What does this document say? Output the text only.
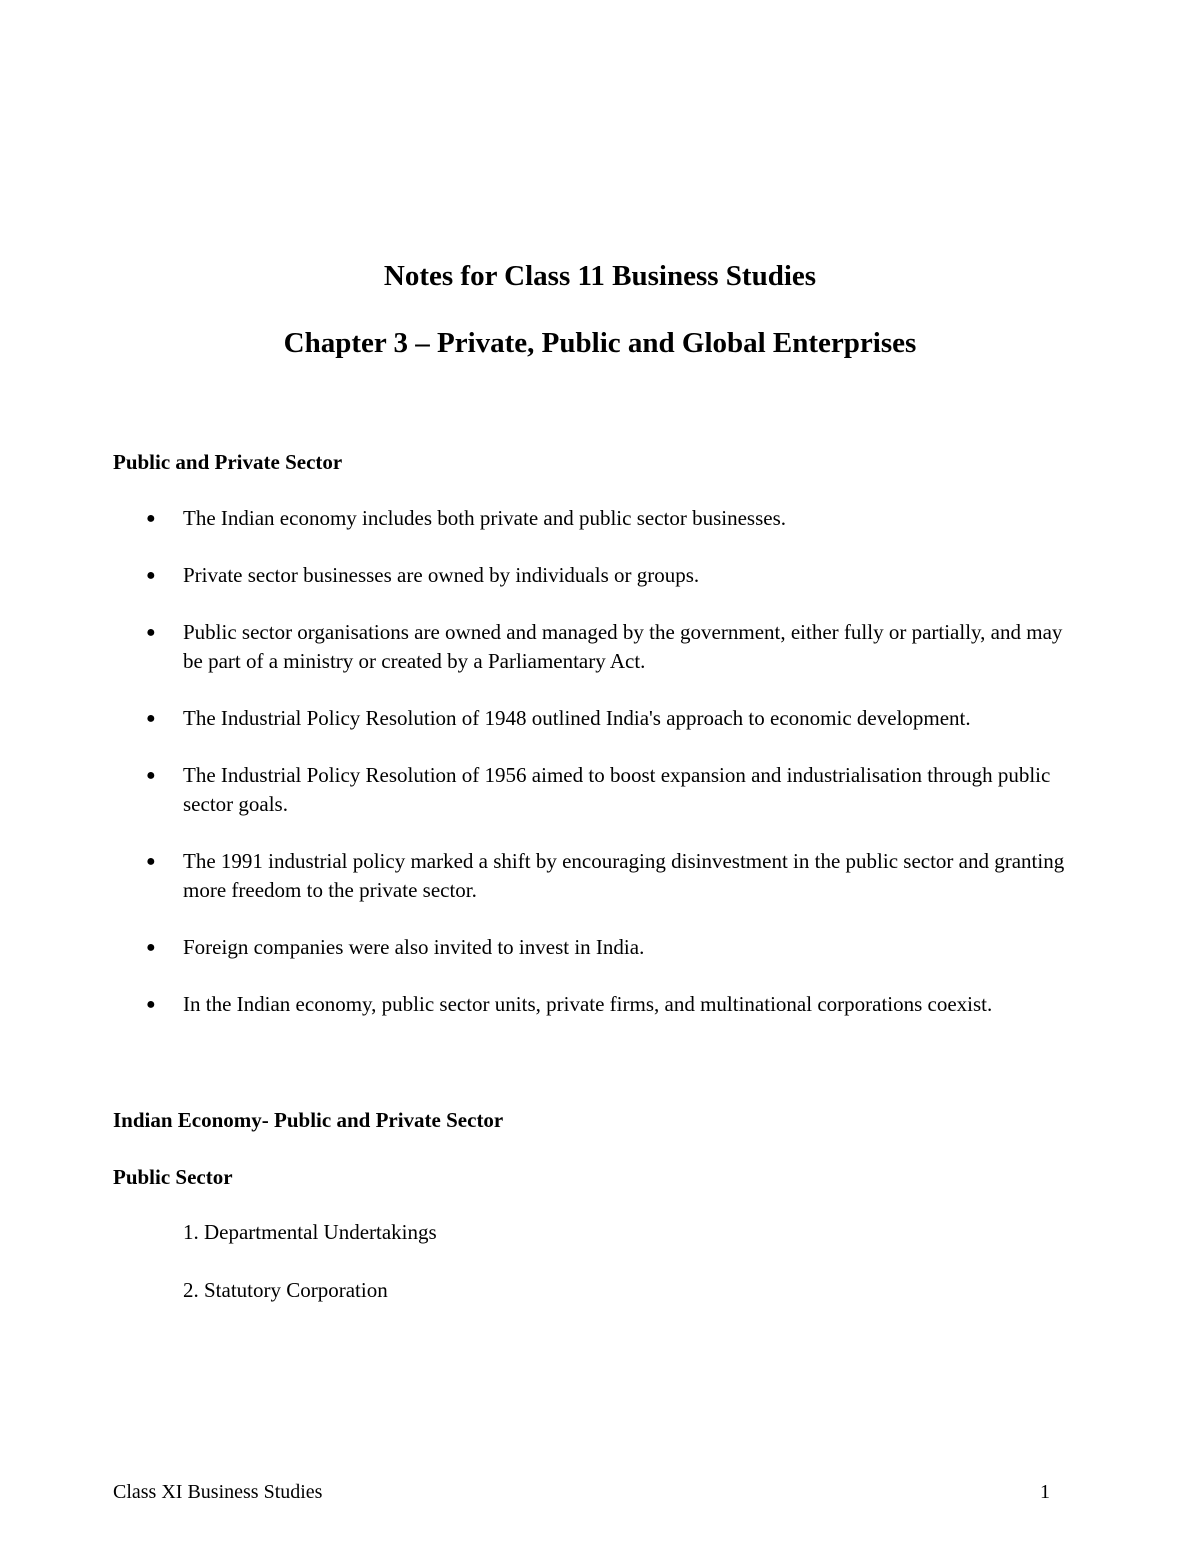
Notes for Class 11 Business Studies
Chapter 3 – Private, Public and Global Enterprises
Public and Private Sector
● The Indian economy includes both private and public sector businesses.
● Private sector businesses are owned by individuals or groups.
● Public sector organisations are owned and managed by the government, either fully or partially, and may be part of a ministry or created by a Parliamentary Act.
● The Industrial Policy Resolution of 1948 outlined India's approach to economic development.
● The Industrial Policy Resolution of 1956 aimed to boost expansion and industrialisation through public sector goals.
● The 1991 industrial policy marked a shift by encouraging disinvestment in the public sector and granting more freedom to the private sector.
● Foreign companies were also invited to invest in India.
● In the Indian economy, public sector units, private firms, and multinational corporations coexist.
Indian Economy- Public and Private Sector
Public Sector
1. Departmental Undertakings
2. Statutory Corporation
Class XI Business Studies	1
